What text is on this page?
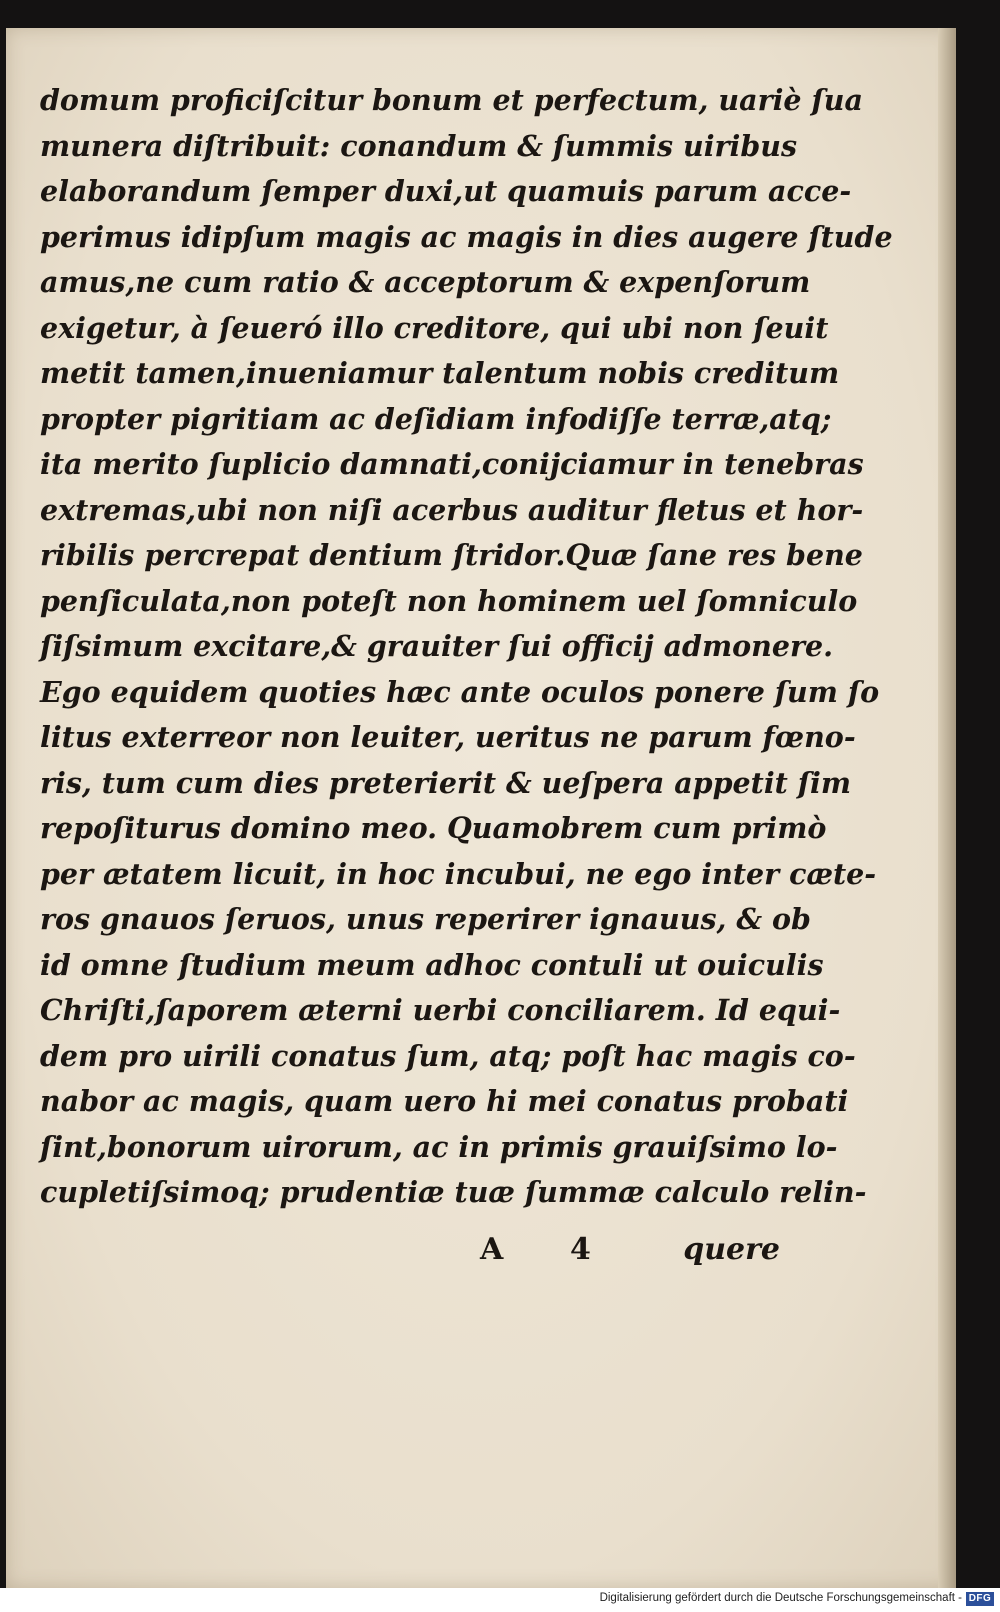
domum proficiſcitur bonum et perfectum, uariè ſua
munera diſtribuit: conandum & ſummis uiribus
elaborandum ſemper duxi,ut quamuis parum acce-
perimus idipſum magis ac magis in dies augere ſtude
amus,ne cum ratio & acceptorum & expenſorum
exigetur, à ſeueró illo creditore, qui ubi non ſeuit
metit tamen,inueniamur talentum nobis creditum
propter pigritiam ac deſidiam infodiſſe terræ,atq;
ita merito ſuplicio damnati,conijciamur in tenebras
extremas,ubi non niſi acerbus auditur fletus et hor-
ribilis percrepat dentium ſtridor.Quæ ſane res bene
penſiculata,non poteſt non hominem uel ſomniculo
ſiſsimum excitare,& grauiter ſui officij admonere.
Ego equidem quoties hæc ante oculos ponere ſum ſo
litus exterreor non leuiter, ueritus ne parum fœno-
ris, tum cum dies preterierit & ueſpera appetit ſim
repoſiturus domino meo. Quamobrem cum primò
per ætatem licuit, in hoc incubui, ne ego inter cæte-
ros gnauos ſeruos, unus reperirer ignauus, & ob
id omne ſtudium meum adhoc contuli ut ouiculis
Chriſti,ſaporem æterni uerbi conciliarem. Id equi-
dem pro uirili conatus ſum, atq; poſt hac magis co-
nabor ac magis, quam uero hi mei conatus probati
ſint,bonorum uirorum, ac in primis grauiſsimo lo-
cupletiſsimoq; prudentiæ tuæ ſummæ calculo relin-
A 4	quere
Digitalisierung gefördert durch die Deutsche Forschungsgemeinschaft - DFG
